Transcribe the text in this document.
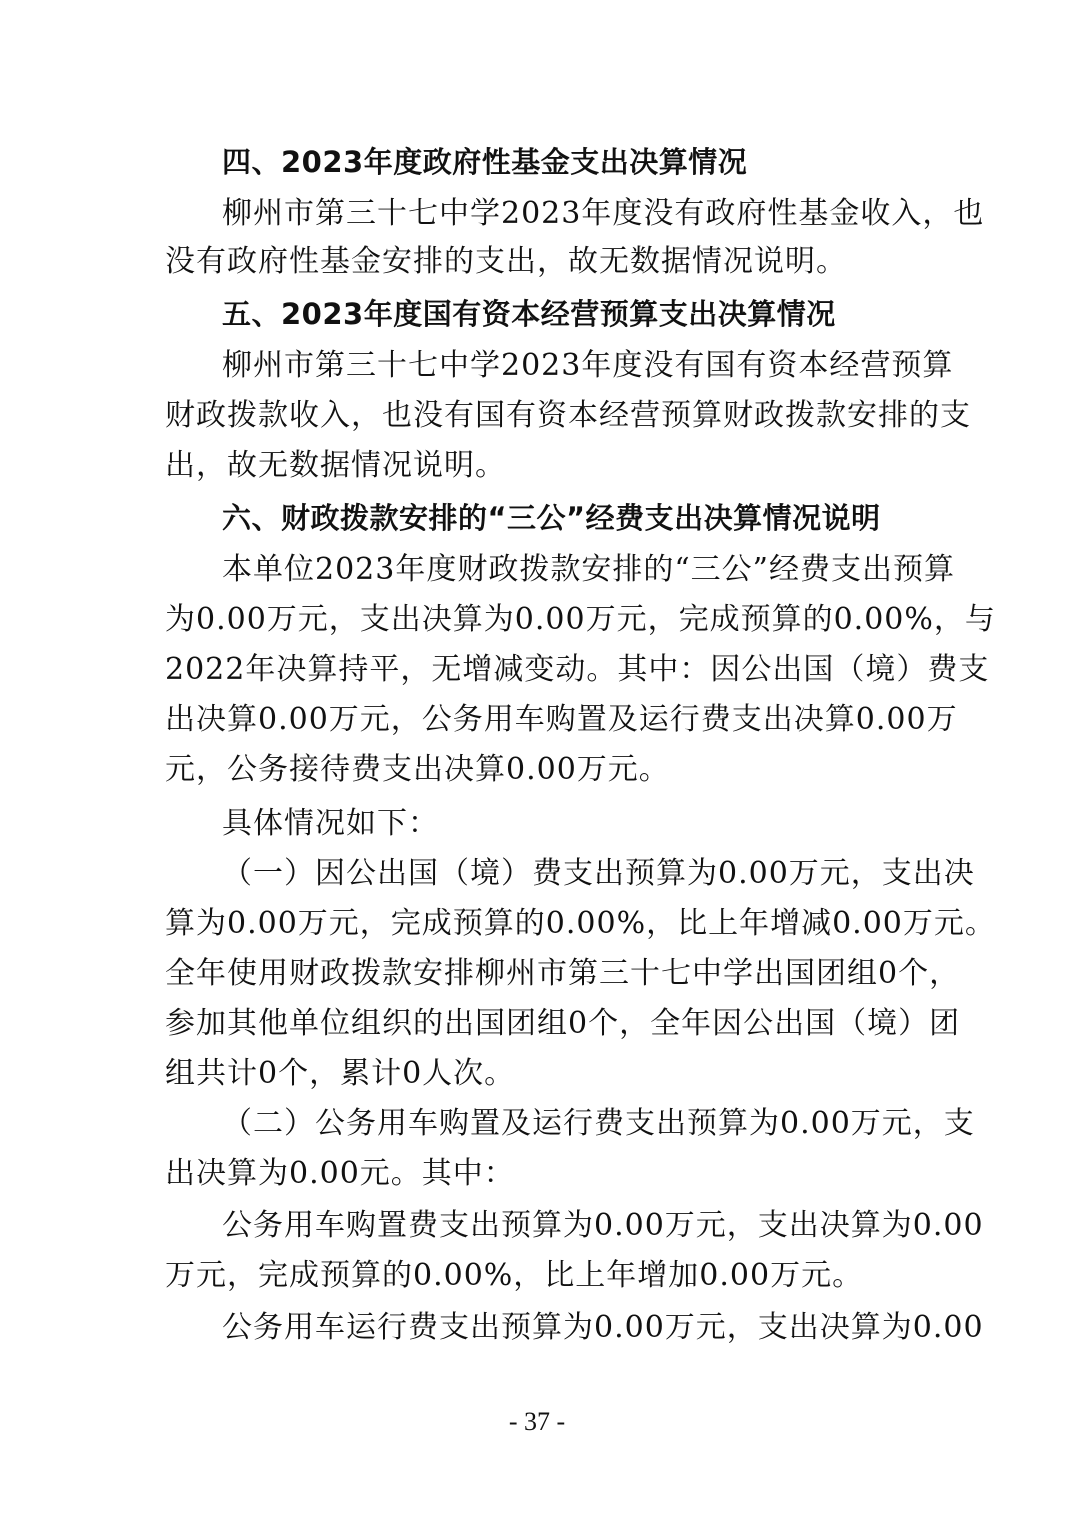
四、2023年度政府性基金支出决算情况
柳州市第三十七中学2023年度没有政府性基金收入，也
没有政府性基金安排的支出，故无数据情况说明。
五、2023年度国有资本经营预算支出决算情况
柳州市第三十七中学2023年度没有国有资本经营预算
财政拨款收入，也没有国有资本经营预算财政拨款安排的支
出，故无数据情况说明。
六、财政拨款安排的“三公”经费支出决算情况说明
本单位2023年度财政拨款安排的“三公”经费支出预算
为0.00万元，支出决算为0.00万元，完成预算的0.00%，与
2022年决算持平，无增减变动。其中：因公出国（境）费支
出决算0.00万元，公务用车购置及运行费支出决算0.00万
元，公务接待费支出决算0.00万元。
具体情况如下：
（一）因公出国（境）费支出预算为0.00万元，支出决
算为0.00万元，完成预算的0.00%，比上年增减0.00万元。
全年使用财政拨款安排柳州市第三十七中学出国团组0个，
参加其他单位组织的出国团组0个，全年因公出国（境）团
组共计0个，累计0人次。
（二）公务用车购置及运行费支出预算为0.00万元，支
出决算为0.00元。其中：
公务用车购置费支出预算为0.00万元，支出决算为0.00
万元，完成预算的0.00%，比上年增加0.00万元。
公务用车运行费支出预算为0.00万元，支出决算为0.00
- 37 -
